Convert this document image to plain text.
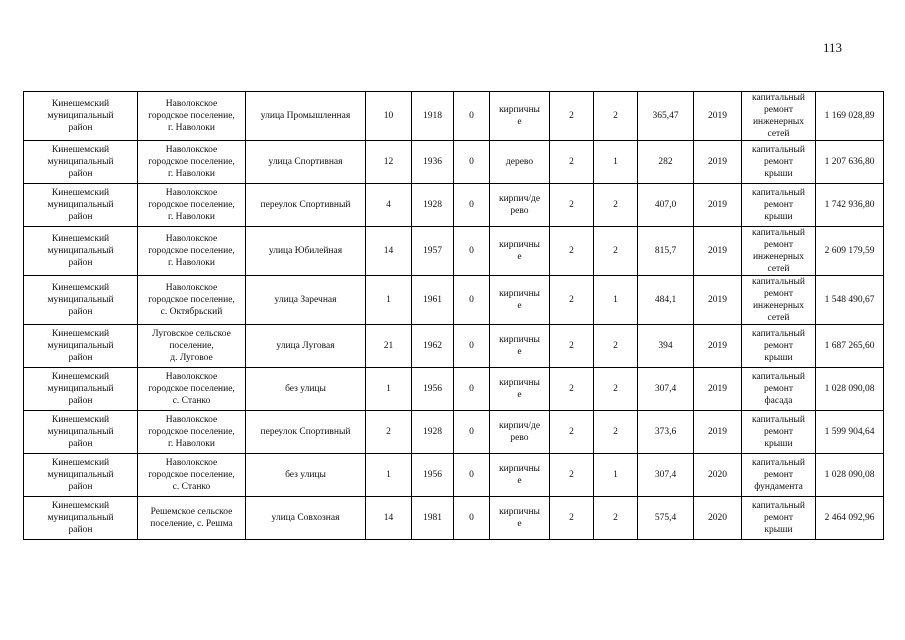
113
Кинешемский
муниципальный
район	Наволокское
городское поселение,
г. Наволоки	улица Промышленная	10	1918	0	кирпичны
е	2	2	365,47	2019	капитальный
ремонт
инженерных
сетей	1 169 028,89
Кинешемский
муниципальный
район	Наволокское
городское поселение,
г. Наволоки	улица Спортивная	12	1936	0	дерево	2	1	282	2019	капитальный
ремонт
крыши	1 207 636,80
Кинешемский
муниципальный
район	Наволокское
городское поселение,
г. Наволоки	переулок Спортивный	4	1928	0	кирпич/де
рево	2	2	407,0	2019	капитальный
ремонт
крыши	1 742 936,80
Кинешемский
муниципальный
район	Наволокское
городское поселение,
г. Наволоки	улица Юбилейная	14	1957	0	кирпичны
е	2	2	815,7	2019	капитальный
ремонт
инженерных
сетей	2 609 179,59
Кинешемский
муниципальный
район	Наволокское
городское поселение,
с. Октябрьский	улица Заречная	1	1961	0	кирпичны
е	2	1	484,1	2019	капитальный
ремонт
инженерных
сетей	1 548 490,67
Кинешемский
муниципальный
район	Луговское сельское
поселение,
д. Луговое	улица Луговая	21	1962	0	кирпичны
е	2	2	394	2019	капитальный
ремонт
крыши	1 687 265,60
Кинешемский
муниципальный
район	Наволокское
городское поселение,
с. Станко	без улицы	1	1956	0	кирпичны
е	2	2	307,4	2019	капитальный
ремонт
фасада	1 028 090,08
Кинешемский
муниципальный
район	Наволокское
городское поселение,
г. Наволоки	переулок Спортивный	2	1928	0	кирпич/де
рево	2	2	373,6	2019	капитальный
ремонт
крыши	1 599 904,64
Кинешемский
муниципальный
район	Наволокское
городское поселение,
с. Станко	без улицы	1	1956	0	кирпичны
е	2	1	307,4	2020	капитальный
ремонт
фундамента	1 028 090,08
Кинешемский
муниципальный
район	Решемское сельское
поселение, с. Решма	улица Совхозная	14	1981	0	кирпичны
е	2	2	575,4	2020	капитальный
ремонт
крыши	2 464 092,96
